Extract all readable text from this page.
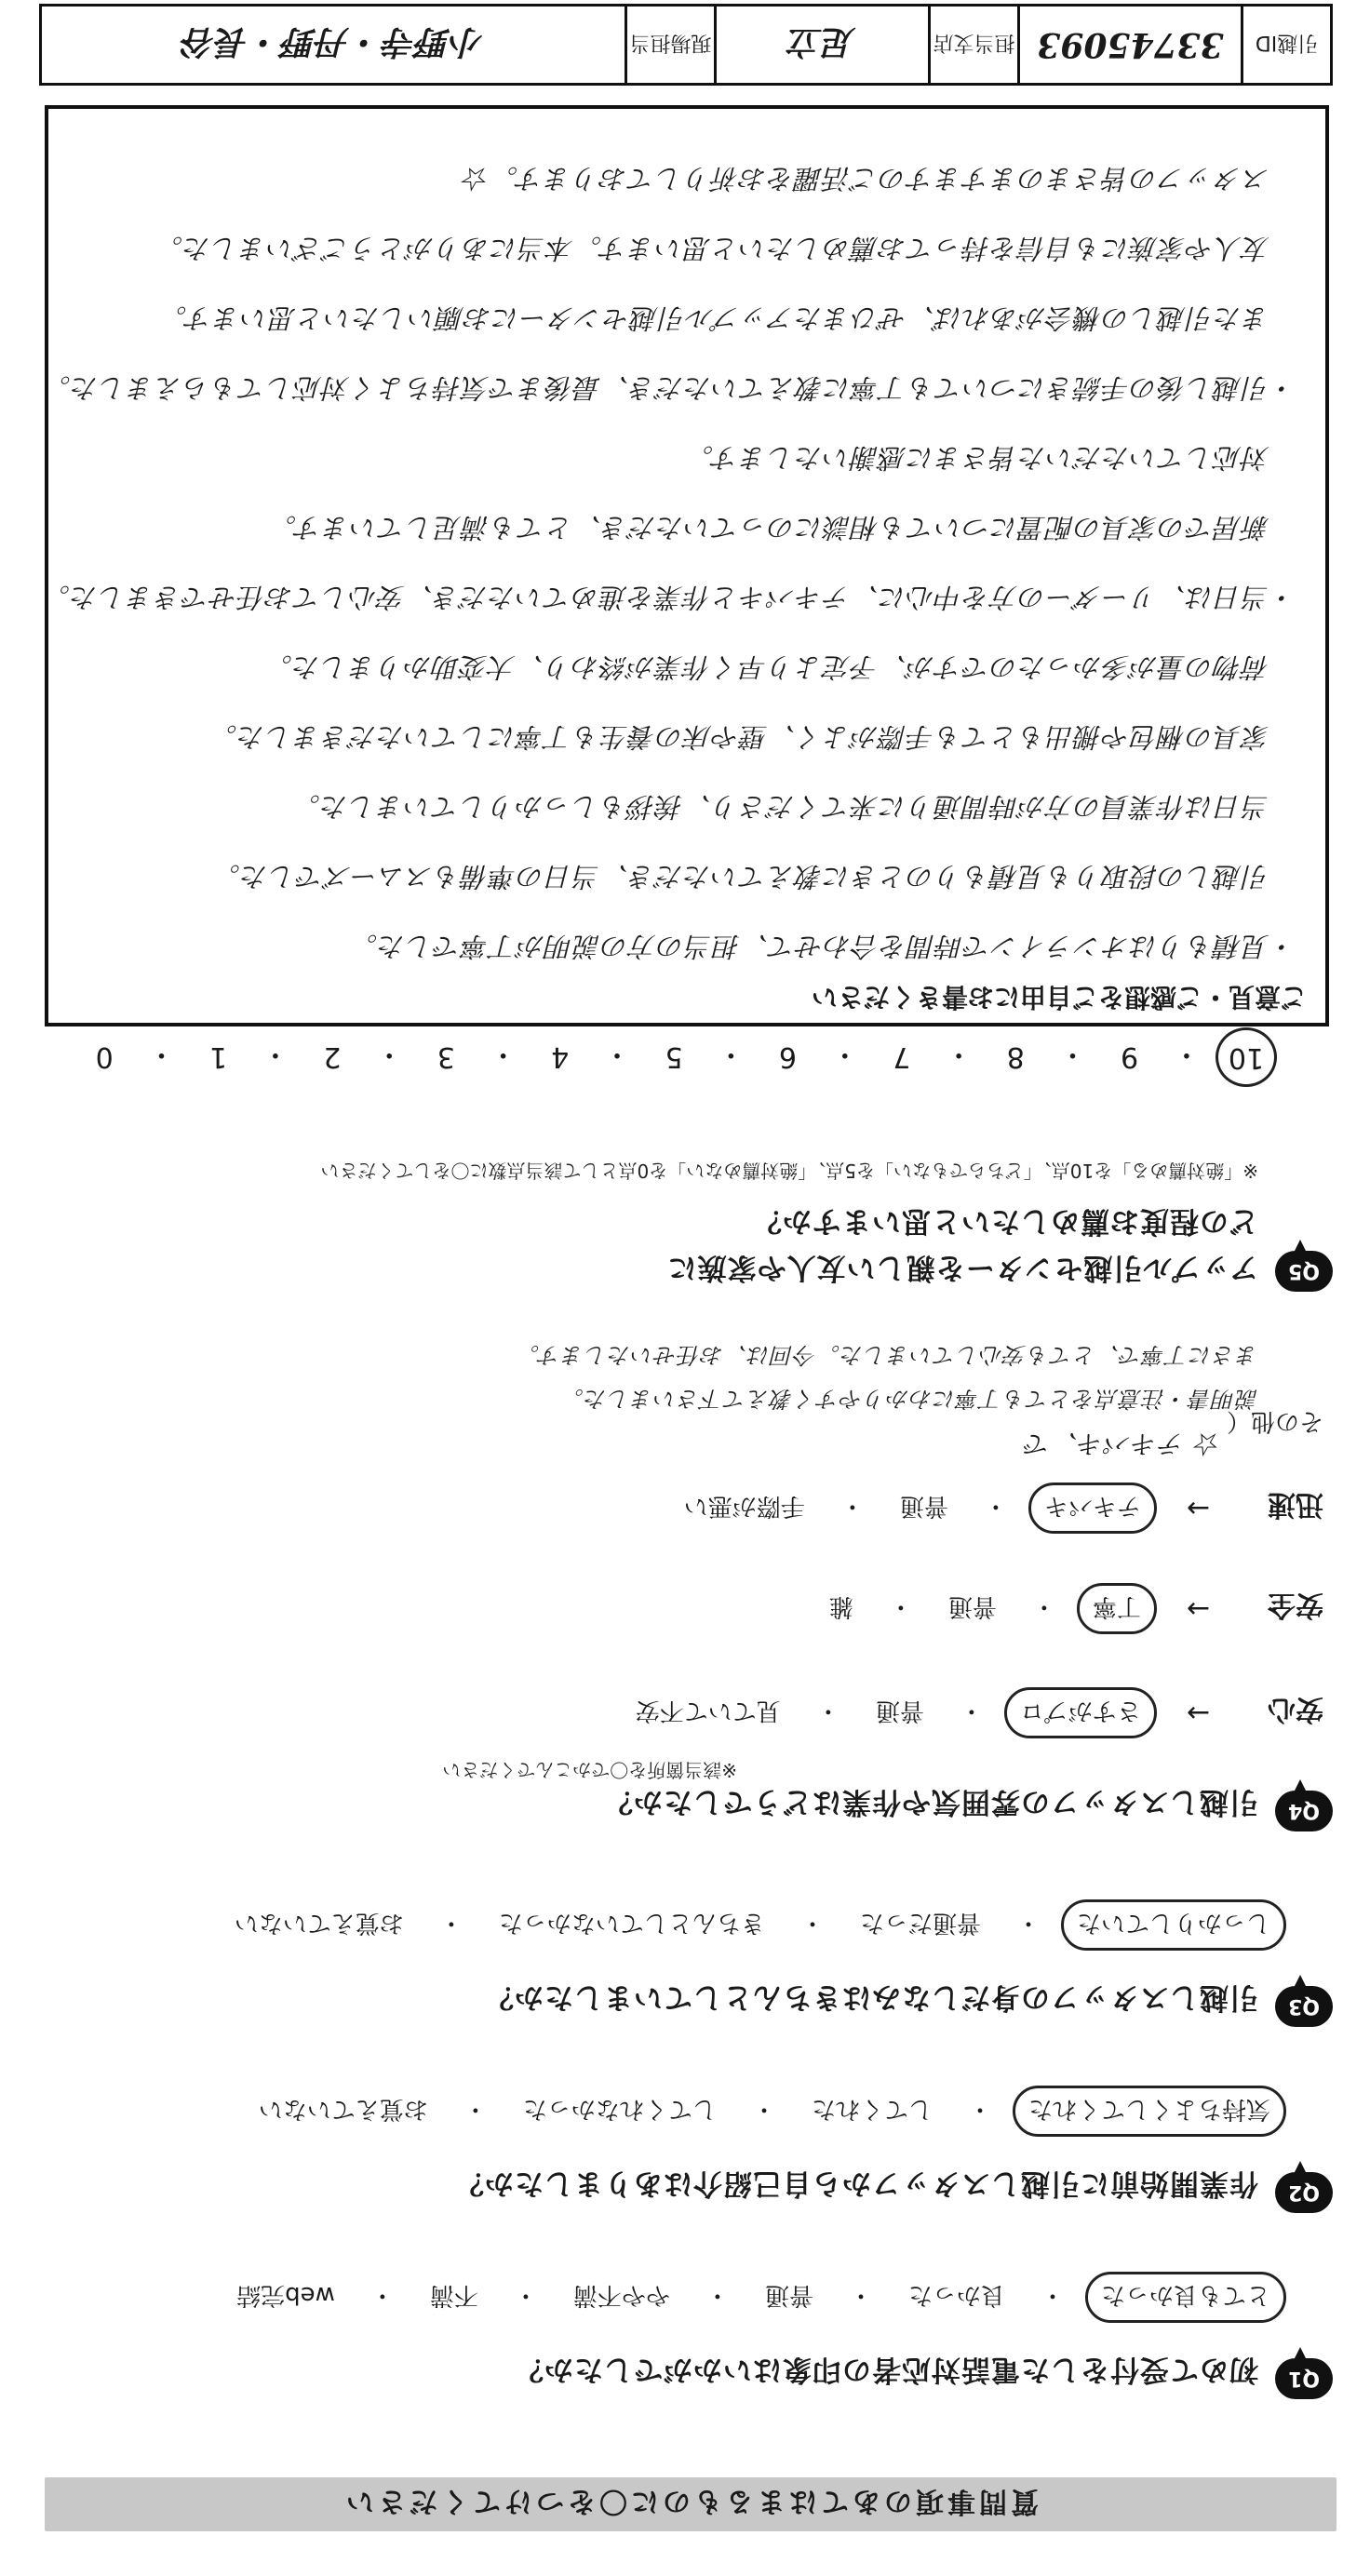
質問事項のあてはまるものに〇をつけてください
Q1
初めて受付をした電話対応者の印象はいかがでしたか？
とても良かった
・
良かった
・
普通
・
やや不満
・
不満
・
web完結
Q2
作業開始前に引越しスタッフから自己紹介はありましたか？
気持ちよくしてくれた
・
してくれた
・
してくれなかった
・
お覚えていない
Q3
引越しスタッフの身だしなみはきちんとしていましたか？
しっかりしていた
・
普通だった
・
きちんとしていなかった
・
お覚えていない
Q4
引越しスタッフの雰囲気や作業はどうでしたか？
※該当箇所を〇でかこんでください
安心
→
さすがプロ
・
普通
・
見ていて不安
安全
→
丁寧
・
普通
・
雑
迅速
→
テキパキ
・
普通
・
手際が悪い
その他（
☆ テキパキ、で
説明書・注意点をとても丁寧にわかりやすく教えて下さいました。
まさに丁寧で、とても安心していました。今回は、お任せいたします。
Q5
アップル引越センターを親しい友人や家族に
どの程度お薦めしたいと思いますか？
※「絶対薦める」を10点、「どちらでもない」を5点、「絶対薦めない」を0点として該当点数に〇をしてください
10
・
9
・
8
・
7
・
6
・
5
・
4
・
3
・
2
・
1
・
0
ご意見・ご感想をご自由にお書きください
・見積もりはオンラインで時間を合わせて、担当の方の説明が丁寧でした。
　引越しの段取りも見積もりのときに教えていただき、当日の準備もスムーズでした。
　当日は作業員の方が時間通りに来てくださり、挨拶もしっかりしていました。
　家具の梱包や搬出もとても手際がよく、壁や床の養生も丁寧にしていただきました。
　荷物の量が多かったのですが、予定より早く作業が終わり、大変助かりました。
・当日は、リーダーの方を中心に、テキパキと作業を進めていただき、安心してお任せできました。
　新居での家具の配置についても相談にのっていただき、とても満足しています。
　対応していただいた皆さまに感謝いたします。
・引越し後の手続きについても丁寧に教えていただき、最後まで気持ちよく対応してもらえました。
　また引越しの機会があれば、ぜひまたアップル引越センターにお願いしたいと思います。
　友人や家族にも自信を持ってお薦めしたいと思います。本当にありがとうございました。
　スタッフの皆さまのますますのご活躍をお祈りしております。☆
引越ID
33745093
担当支店
足立
現場担当
小野寺・丹野・長谷
